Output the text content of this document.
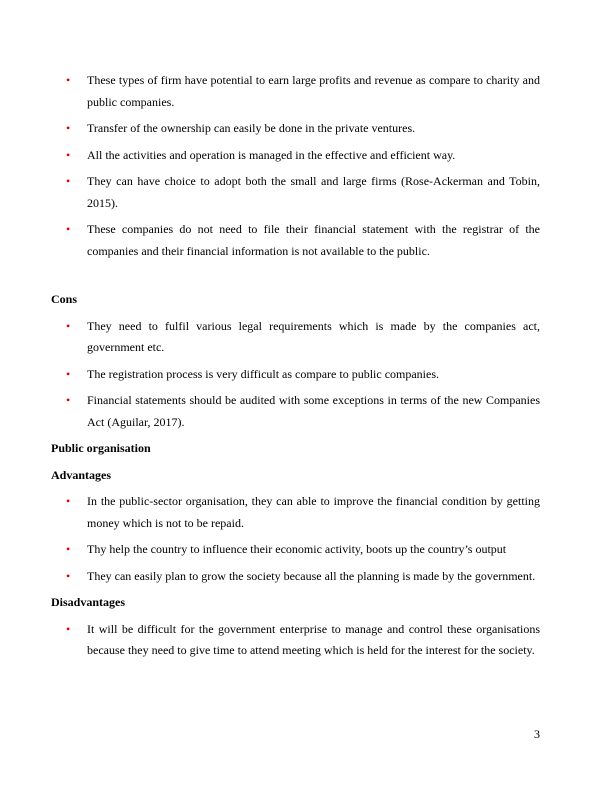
• These types of firm have potential to earn large profits and revenue as compare to charity and public companies.
• Transfer of the ownership can easily be done in the private ventures.
• All the activities and operation is managed in the effective and efficient way.
• They can have choice to adopt both the small and large firms (Rose-Ackerman and Tobin, 2015).
• These companies do not need to file their financial statement with the registrar of the companies and their financial information is not available to the public.
Cons
• They need to fulfil various legal requirements which is made by the companies act, government etc.
• The registration process is very difficult as compare to public companies.
• Financial statements should be audited with some exceptions in terms of the new Companies Act (Aguilar, 2017).
Public organisation
Advantages
• In the public-sector organisation, they can able to improve the financial condition by getting money which is not to be repaid.
• Thy help the country to influence their economic activity, boots up the country’s output
• They can easily plan to grow the society because all the planning is made by the government.
Disadvantages
• It will be difficult for the government enterprise to manage and control these organisations because they need to give time to attend meeting which is held for the interest for the society.
3
